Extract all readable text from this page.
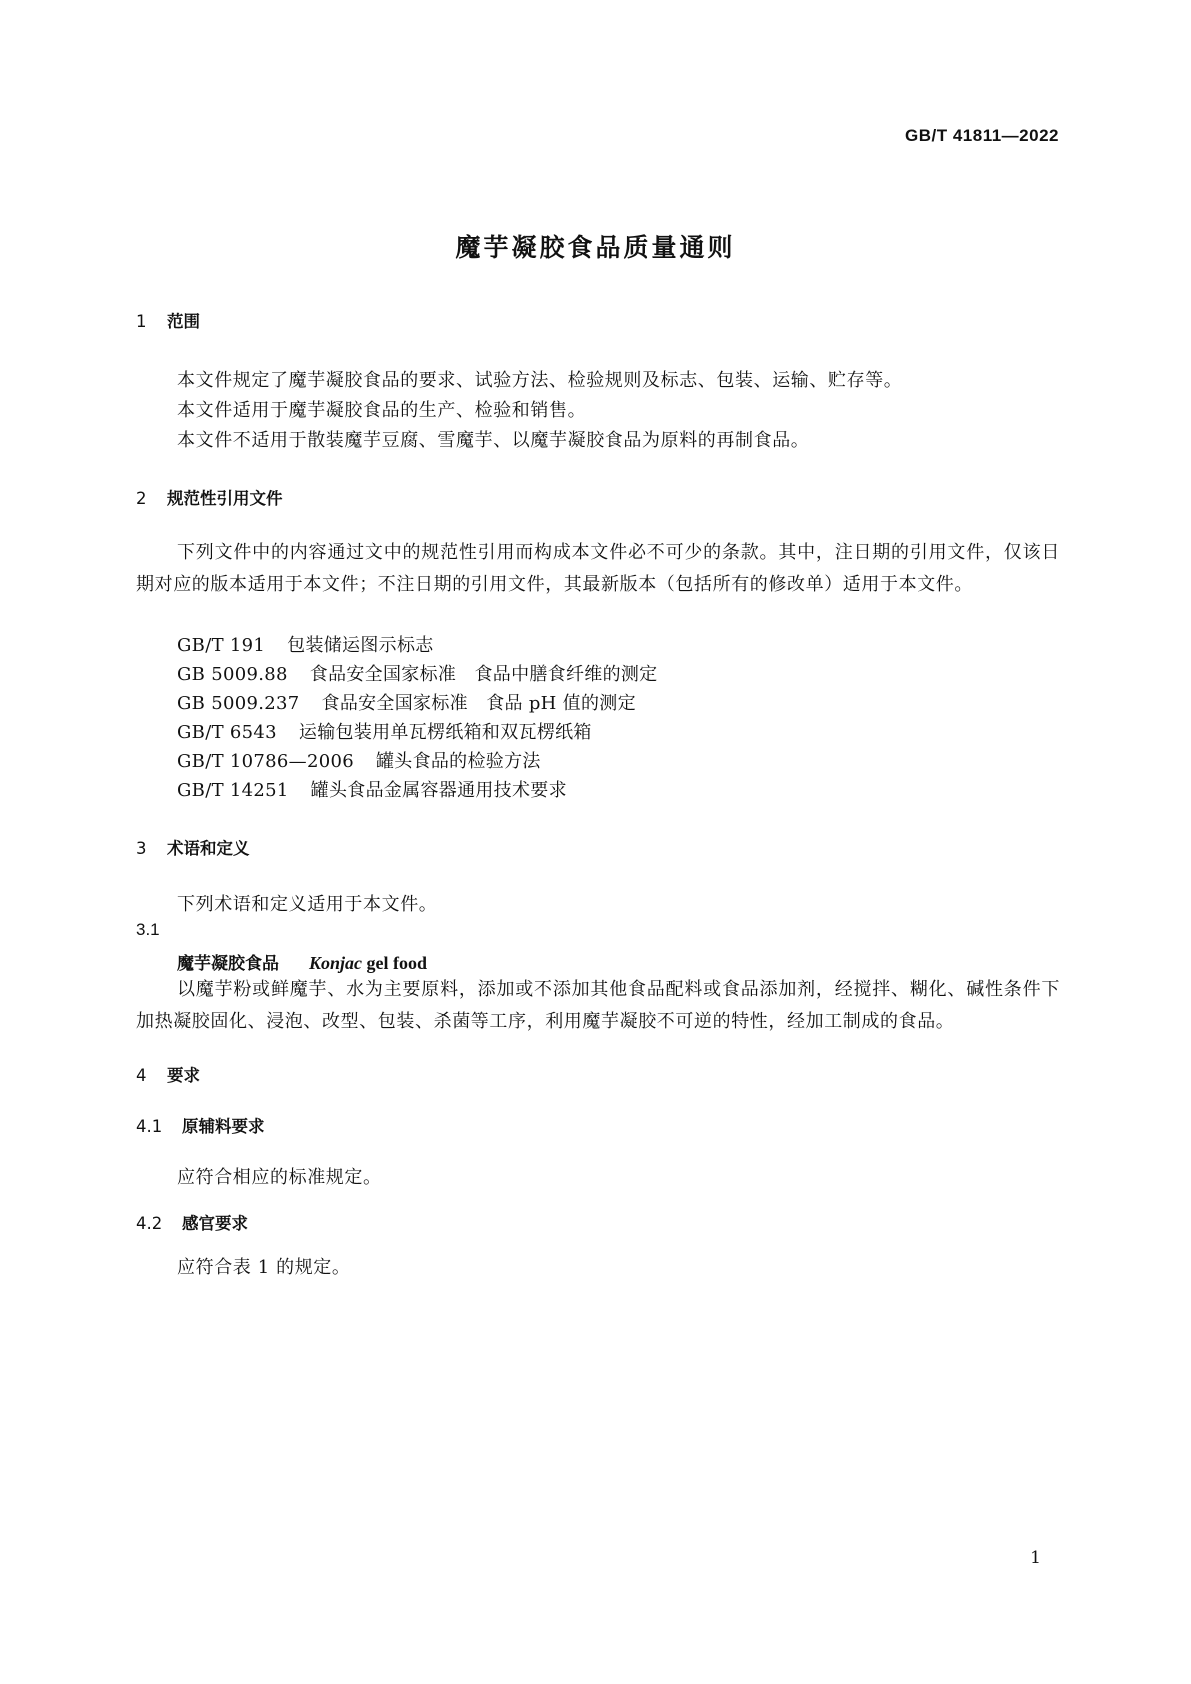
GB/T 41811—2022
魔芋凝胶食品质量通则
1 范围
本文件规定了魔芋凝胶食品的要求、试验方法、检验规则及标志、包装、运输、贮存等。
本文件适用于魔芋凝胶食品的生产、检验和销售。
本文件不适用于散装魔芋豆腐、雪魔芋、以魔芋凝胶食品为原料的再制食品。
2 规范性引用文件
下列文件中的内容通过文中的规范性引用而构成本文件必不可少的条款。其中，注日期的引用文件，仅该日期对应的版本适用于本文件；不注日期的引用文件，其最新版本（包括所有的修改单）适用于本文件。
GB/T 191 包装储运图示标志
GB 5009.88 食品安全国家标准　食品中膳食纤维的测定
GB 5009.237 食品安全国家标准　食品 pH 值的测定
GB/T 6543 运输包装用单瓦楞纸箱和双瓦楞纸箱
GB/T 10786—2006 罐头食品的检验方法
GB/T 14251 罐头食品金属容器通用技术要求
3 术语和定义
下列术语和定义适用于本文件。
3.1
魔芋凝胶食品 Konjac gel food
以魔芋粉或鲜魔芋、水为主要原料，添加或不添加其他食品配料或食品添加剂，经搅拌、糊化、碱性条件下加热凝胶固化、浸泡、改型、包装、杀菌等工序，利用魔芋凝胶不可逆的特性，经加工制成的食品。
4 要求
4.1 原辅料要求
应符合相应的标准规定。
4.2 感官要求
应符合表 1 的规定。
1
